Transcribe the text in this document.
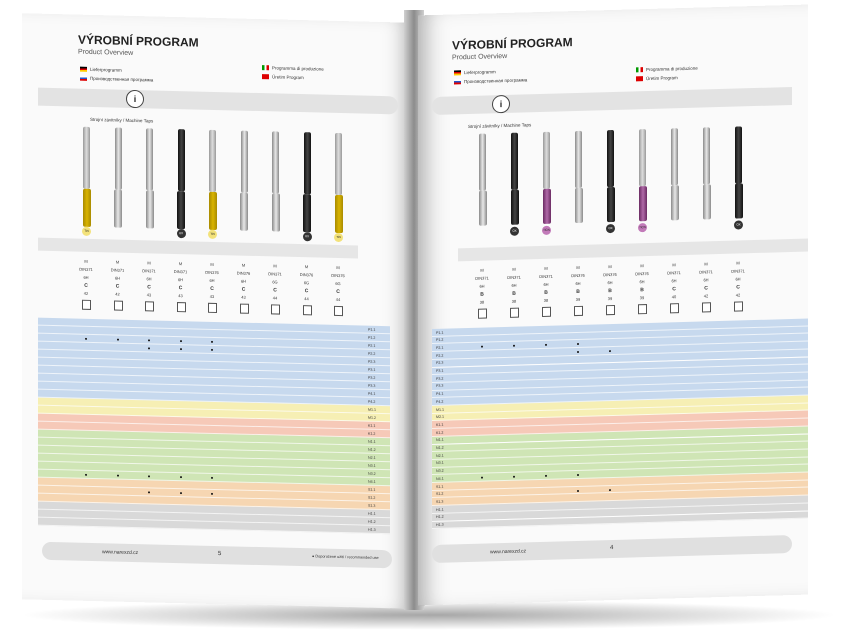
VÝROBNÍ PROGRAM
Product Overview
Lieferprogramm
Производственная программа
Programma di produzione
Üretim Program
i
Strojní závitníky / Machine Taps
TiN
M
DIN371
6H
C
42
M
DIN371
6H
C
42
M
DIN371
6H
C
43
OX
M
DIN371
6H
C
43
TiN
M
DIN376
6H
C
43
M
DIN376
6H
C
43
M
DIN371
6G
C
44
OX
M
DIN376
6G
C
44
TiN
M
DIN376
6G
C
44
P1.1
P1.2
P2.1
P2.2
P2.3
P3.1
P3.2
P3.3
P4.1
P4.2
M1.1
M1.2
K1.1
K1.2
N1.1
N1.2
N2.1
N3.1
N3.2
N4.1
S1.1
S1.2
S1.3
H1.1
H1.2
H1.3
www.narexzd.cz	5
● Doporučené užití / recommended use
VÝROBNÍ PROGRAM
Product Overview
Lieferprogramm
Производственная программа
Programma di produzione
Üretim Program
i
Strojní závitníky / Machine Taps
M
DIN371
6H
B
38
OX
M
DIN371
6H
B
38
TiCN
M
DIN371
6H
B
38
M
DIN376
6H
B
39
OX
M
DIN376
6H
B
39
TiCN
M
DIN376
6H
B
39
M
DIN371
6H
C
40
M
DIN371
6H
C
42
OX
M
DIN371
6H
C
42
P1.1
P1.2
P2.1
P2.2
P2.3
P3.1
P3.2
P3.3
P4.1
P4.2
M1.1
M2.1
K1.1
K1.2
N1.1
N1.2
N2.1
N3.1
N3.2
N4.1
S1.1
S1.2
S1.3
H1.1
H1.2
H1.3
www.narexzd.cz
4
